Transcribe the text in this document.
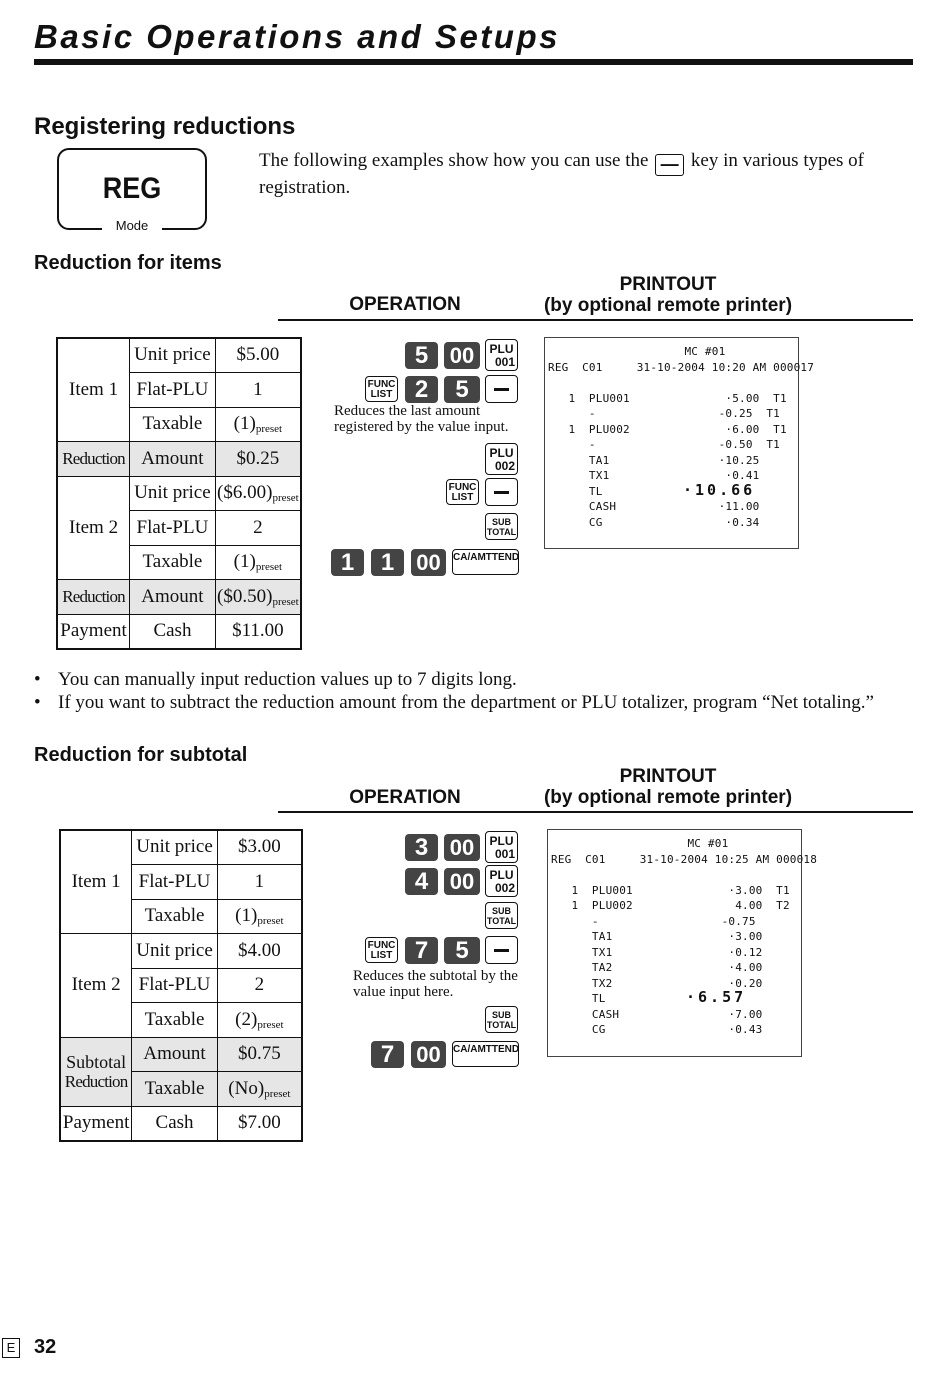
Basic Operations and Setups
Registering reductions
REG
Mode
The following examples show how you can use the — key in various types of registration.
Reduction for items
OPERATION
PRINTOUT
(by optional remote printer)
Item 1	Unit price	$5.00
	Flat-PLU	1
	Taxable	$(1)_{preset}$
Reduction	Amount	$0.25
Item 2	Unit price	$(\$6.00)_{preset}$
	Flat-PLU	2
	Taxable	$(1)_{preset}$
Reduction	Amount	$(\$0.50)_{preset}$
Payment	Cash	$11.00
5 00	PLU
001
FUNC
LIST 2	5
Reduces the last amount
registered by the value input.
PLU
002
FUNC
LIST
SUB
TOTAL
1	1	00	CA/AMTTEND
MC #01
REG  C01     31-10-2004 10:20 AM 000017
1  PLU001              ·5.00  T1
-                  -0.25  T1
1  PLU002              ·6.00  T1
-                  -0.50  T1
TA1                ·10.25
TX1                 ·0.41
TL	·10.66
CASH               ·11.00
CG                  ·0.34
• You can manually input reduction values up to 7 digits long.
• If you want to subtract the reduction amount from the department or PLU totalizer, program “Net totaling.”
Reduction for subtotal
OPERATION
PRINTOUT
(by optional remote printer)
Item 1	Unit price	$3.00
	Flat-PLU	1
	Taxable	$(1)_{preset}$
Item 2	Unit price	$4.00
	Flat-PLU	2
	Taxable	$(2)_{preset}$

Subtotal
Reduction	Amount	$0.75
	Taxable	$(No)_{preset}$
Payment	Cash	$7.00
3 00	PLU
001
4 00	PLU
002
SUB
TOTAL
FUNC
LIST 7	5
Reduces the subtotal by the
value input here.
SUB
TOTAL
7	00	CA/AMTTEND
MC #01
REG  C01     31-10-2004 10:25 AM 000018
1  PLU001              ·3.00  T1
1  PLU002               4.00  T2
-                  -0.75
TA1                 ·3.00
TX1                 ·0.12
TA2                 ·4.00
TX2                 ·0.20
TL	·6.57
CASH                ·7.00
CG                  ·0.43
E 32
